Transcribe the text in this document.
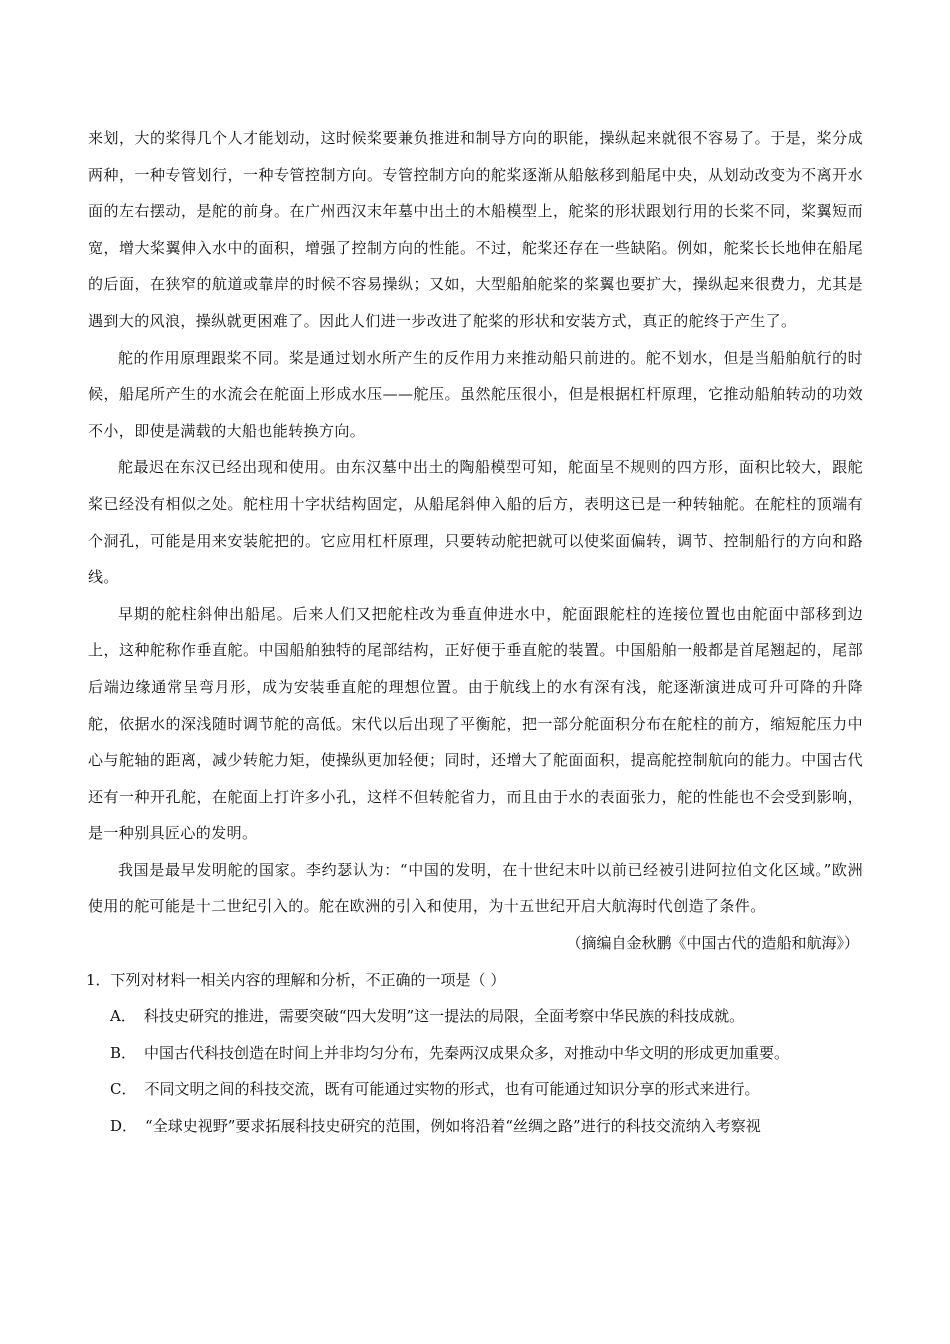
来划，大的桨得几个人才能划动，这时候桨要兼负推进和制导方向的职能，操纵起来就很不容易了。于是，桨分成两种，一种专管划行，一种专管控制方向。专管控制方向的舵桨逐渐从船舷移到船尾中央，从划动改变为不离开水面的左右摆动，是舵的前身。在广州西汉末年墓中出土的木船模型上，舵桨的形状跟划行用的长桨不同，桨翼短而宽，增大桨翼伸入水中的面积，增强了控制方向的性能。不过，舵桨还存在一些缺陷。例如，舵桨长长地伸在船尾的后面，在狭窄的航道或靠岸的时候不容易操纵；又如，大型船舶舵桨的桨翼也要扩大，操纵起来很费力，尤其是遇到大的风浪，操纵就更困难了。因此人们进一步改进了舵桨的形状和安装方式，真正的舵终于产生了。

舵的作用原理跟桨不同。桨是通过划水所产生的反作用力来推动船只前进的。舵不划水，但是当船舶航行的时候，船尾所产生的水流会在舵面上形成水压——舵压。虽然舵压很小，但是根据杠杆原理，它推动船舶转动的功效不小，即使是满载的大船也能转换方向。

舵最迟在东汉已经出现和使用。由东汉墓中出土的陶船模型可知，舵面呈不规则的四方形，面积比较大，跟舵桨已经没有相似之处。舵柱用十字状结构固定，从船尾斜伸入船的后方，表明这已是一种转轴舵。在舵柱的顶端有个洞孔，可能是用来安装舵把的。它应用杠杆原理，只要转动舵把就可以使桨面偏转，调节、控制船行的方向和路线。

早期的舵柱斜伸出船尾。后来人们又把舵柱改为垂直伸进水中，舵面跟舵柱的连接位置也由舵面中部移到边上，这种舵称作垂直舵。中国船舶独特的尾部结构，正好便于垂直舵的装置。中国船舶一般都是首尾翘起的，尾部后端边缘通常呈弯月形，成为安装垂直舵的理想位置。由于航线上的水有深有浅，舵逐渐演进成可升可降的升降舵，依据水的深浅随时调节舵的高低。宋代以后出现了平衡舵，把一部分舵面积分布在舵柱的前方，缩短舵压力中心与舵轴的距离，减少转舵力矩，使操纵更加轻便；同时，还增大了舵面面积，提高舵控制航向的能力。中国古代还有一种开孔舵，在舵面上打许多小孔，这样不但转舵省力，而且由于水的表面张力，舵的性能也不会受到影响，是一种别具匠心的发明。

我国是最早发明舵的国家。李约瑟认为：“中国的发明，在十世纪末叶以前已经被引进阿拉伯文化区域。”欧洲使用的舵可能是十二世纪引入的。舵在欧洲的引入和使用，为十五世纪开启大航海时代创造了条件。

（摘编自金秋鹏《中国古代的造船和航海》）

1．下列对材料一相关内容的理解和分析，不正确的一项是（ ）

A． 科技史研究的推进，需要突破“四大发明”这一提法的局限，全面考察中华民族的科技成就。

B． 中国古代科技创造在时间上并非均匀分布，先秦两汉成果众多，对推动中华文明的形成更加重要。

C． 不同文明之间的科技交流，既有可能通过实物的形式，也有可能通过知识分享的形式来进行。

D． “全球史视野”要求拓展科技史研究的范围，例如将沿着“丝绸之路”进行的科技交流纳入考察视
